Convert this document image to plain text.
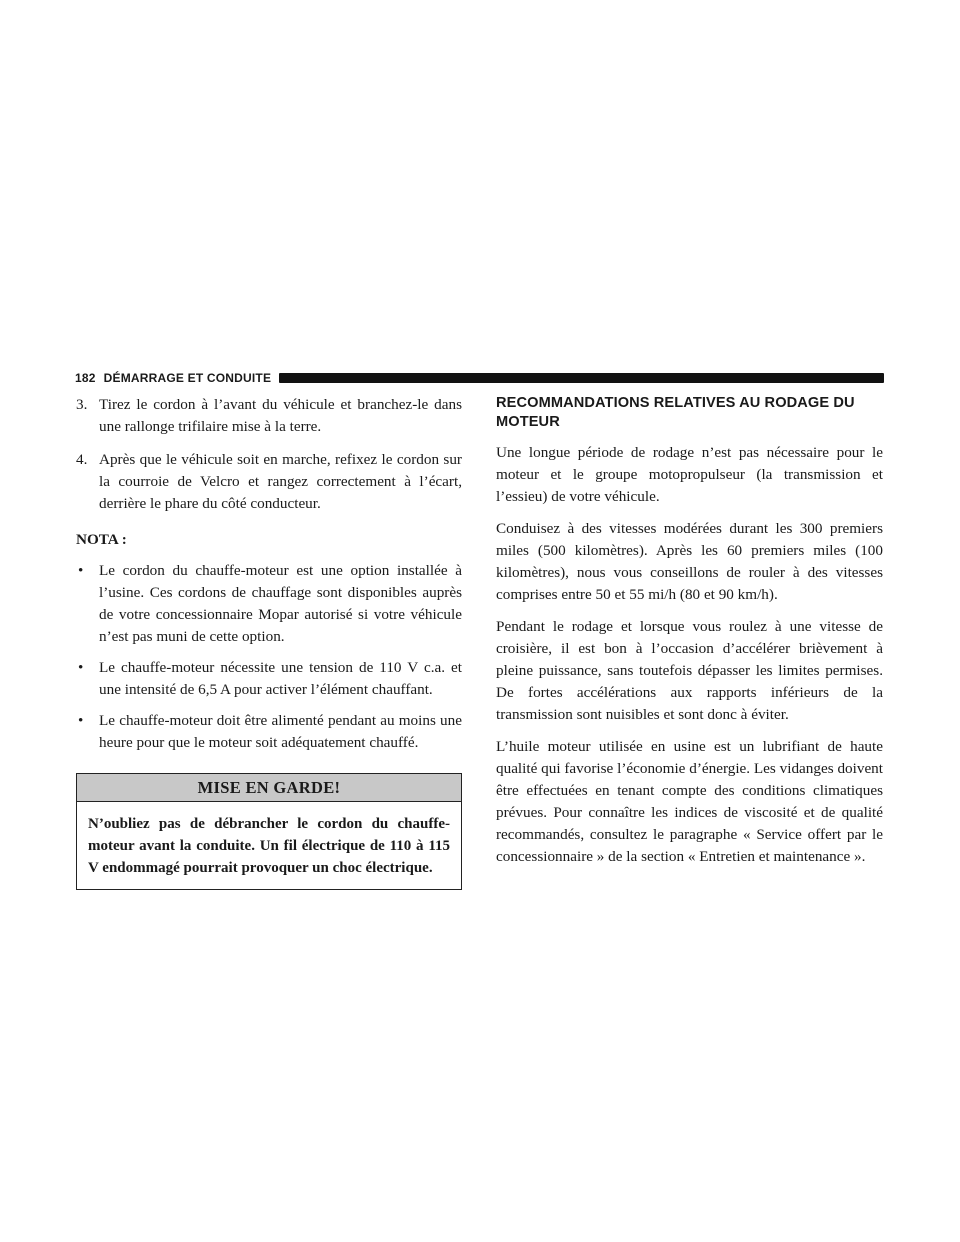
182 DÉMARRAGE ET CONDUITE
3. Tirez le cordon à l’avant du véhicule et branchez-le dans une rallonge trifilaire mise à la terre.
4. Après que le véhicule soit en marche, refixez le cordon sur la courroie de Velcro et rangez correctement à l’écart, derrière le phare du côté conducteur.
NOTA :
•	Le cordon du chauffe-moteur est une option installée à l’usine. Ces cordons de chauffage sont disponibles auprès de votre concessionnaire Mopar autorisé si votre véhicule n’est pas muni de cette option.
•	Le chauffe-moteur nécessite une tension de 110 V c.a. et une intensité de 6,5 A pour activer l’élément chauffant.
•	Le chauffe-moteur doit être alimenté pendant au moins une heure pour que le moteur soit adéquatement chauffé.
MISE EN GARDE!
N’oubliez pas de débrancher le cordon du chauffe-moteur avant la conduite. Un fil électrique de 110 à 115 V endommagé pourrait provoquer un choc électrique.
RECOMMANDATIONS RELATIVES AU RODAGE DU MOTEUR

Une longue période de rodage n’est pas nécessaire pour le moteur et le groupe motopropulseur (la transmission et l’essieu) de votre véhicule.

Conduisez à des vitesses modérées durant les 300 premiers miles (500 kilomètres). Après les 60 premiers miles (100 kilomètres), nous vous conseillons de rouler à des vitesses comprises entre 50 et 55 mi/h (80 et 90 km/h).

Pendant le rodage et lorsque vous roulez à une vitesse de croisière, il est bon à l’occasion d’accélérer brièvement à pleine puissance, sans toutefois dépasser les limites permises. De fortes accélérations aux rapports inférieurs de la transmission sont nuisibles et sont donc à éviter.

L’huile moteur utilisée en usine est un lubrifiant de haute qualité qui favorise l’économie d’énergie. Les vidanges doivent être effectuées en tenant compte des conditions climatiques prévues. Pour connaître les indices de viscosité et de qualité recommandés, consultez le paragraphe « Service offert par le concessionnaire » de la section « Entretien et maintenance ».
